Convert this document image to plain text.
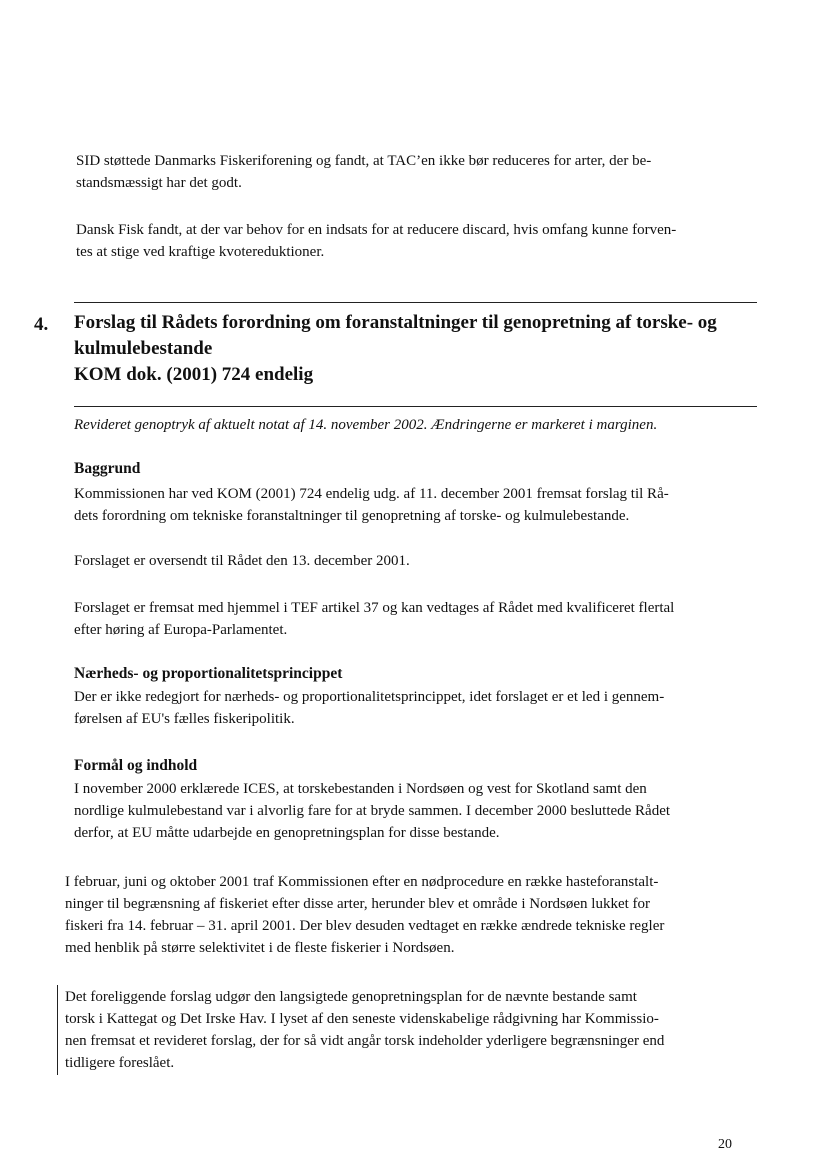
SID støttede Danmarks Fiskeriforening og fandt, at TAC’en ikke bør reduceres for arter, der be-
standsmæssigt har det godt.

Dansk Fisk fandt, at der var behov for en indsats for at reducere discard, hvis omfang kunne forven-
tes at stige ved kraftige kvotereduktioner.

4. Forslag til Rådets forordning om foranstaltninger til genopretning af torske- og
kulmulebestande
KOM dok. (2001) 724 endelig

Revideret genoptryk af aktuelt notat af 14. november 2002. Ændringerne er markeret i marginen.

Baggrund

Kommissionen har ved KOM (2001) 724 endelig udg. af 11. december 2001 fremsat forslag til Rå-
dets forordning om tekniske foranstaltninger til genopretning af torske- og kulmulebestande.

Forslaget er oversendt til Rådet den 13. december 2001.

Forslaget er fremsat med hjemmel i TEF artikel 37 og kan vedtages af Rådet med kvalificeret flertal
efter høring af Europa-Parlamentet.

Nærheds- og proportionalitetsprincippet

Der er ikke redegjort for nærheds- og proportionalitetsprincippet, idet forslaget er et led i gennem-
førelsen af EU's fælles fiskeripolitik.

Formål og indhold

I november 2000 erklærede ICES, at torskebestanden i Nordsøen og vest for Skotland samt den
nordlige kulmulebestand var i alvorlig fare for at bryde sammen. I december 2000 besluttede Rådet
derfor, at EU måtte udarbejde en genopretningsplan for disse bestande.

I februar, juni og oktober 2001 traf Kommissionen efter en nødprocedure en række hasteforanstalt-
ninger til begrænsning af fiskeriet efter disse arter, herunder blev et område i Nordsøen lukket for
fiskeri fra 14. februar – 31. april 2001. Der blev desuden vedtaget en række ændrede tekniske regler
med henblik på større selektivitet i de fleste fiskerier i Nordsøen.

Det foreliggende forslag udgør den langsigtede genopretningsplan for de nævnte bestande samt
torsk i Kattegat og Det Irske Hav. I lyset af den seneste videnskabelige rådgivning har Kommissio-
nen fremsat et revideret forslag, der for så vidt angår torsk indeholder yderligere begrænsninger end
tidligere foreslået.

20
